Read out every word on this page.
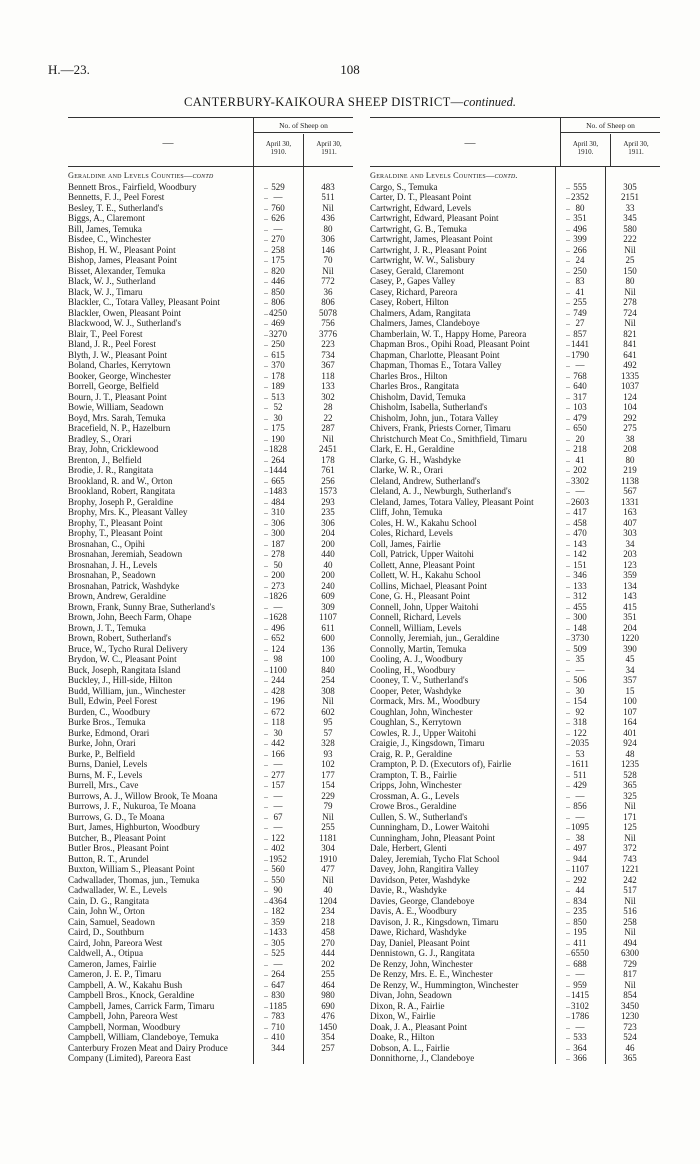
H.—23.	108
CANTERBURY-KAIKOURA SHEEP DISTRICT—continued.
—
No. of Sheep on
April 30,
1910.
April 30,
1911.
Geraldine and Levels Counties—contd
Bennett Bros., Fairfield, Woodbury	.. 529	483
Bennetts, F. J., Peel Forest	.. —	511
Besley, T. E., Sutherland's	.. 760	Nil
Biggs, A., Claremont	.. 626	436
Bill, James, Temuka	.. —	80
Bisdee, C., Winchester	.. 270	306
Bishop, H. W., Pleasant Point	.. 258	146
Bishop, James, Pleasant Point	.. 175	70
Bisset, Alexander, Temuka	.. 820	Nil
Black, W. J., Sutherland	.. 446	772
Black, W. J., Timaru	.. 850	36
Blackler, C., Totara Valley, Pleasant Point	.. 806	806
Blackler, Owen, Pleasant Point	.. 4250	5078
Blackwood, W. J., Sutherland's	.. 469	756
Blair, T., Peel Forest	.. 3270	3776
Bland, J. R., Peel Forest	.. 250	223
Blyth, J. W., Pleasant Point	.. 615	734
Boland, Charles, Kerrytown	.. 370	367
Booker, George, Winchester	.. 178	118
Borrell, George, Belfield	.. 189	133
Bourn, J. T., Pleasant Point	.. 513	302
Bowie, William, Seadown	.. 52	28
Boyd, Mrs. Sarah, Temuka	.. 30	22
Bracefield, N. P., Hazelburn	.. 175	287
Bradley, S., Orari	.. 190	Nil
Bray, John, Cricklewood	.. 1828	2451
Brenton, J., Belfield	.. 264	178
Brodie, J. R., Rangitata	.. 1444	761
Brookland, R. and W., Orton	.. 665	256
Brookland, Robert, Rangitata	.. 1483	1573
Brophy, Joseph P., Geraldine	.. 484	293
Brophy, Mrs. K., Pleasant Valley	.. 310	235
Brophy, T., Pleasant Point	.. 306	306
Brophy, T., Pleasant Point	.. 300	204
Brosnahan, C., Opihi	.. 187	200
Brosnahan, Jeremiah, Seadown	.. 278	440
Brosnahan, J. H., Levels	.. 50	40
Brosnahan, P., Seadown	.. 200	200
Brosnahan, Patrick, Washdyke	.. 273	240
Brown, Andrew, Geraldine	.. 1826	609
Brown, Frank, Sunny Brae, Sutherland's	.. —	309
Brown, John, Beech Farm, Ohape	.. 1628	1107
Brown, J. T., Temuka	.. 496	611
Brown, Robert, Sutherland's	.. 652	600
Bruce, W., Tycho Rural Delivery	.. 124	136
Brydon, W. C., Pleasant Point	.. 98	100
Buck, Joseph, Rangitata Island	.. 1100	840
Buckley, J., Hill-side, Hilton	.. 244	254
Budd, William, jun., Winchester	.. 428	308
Bull, Edwin, Peel Forest	.. 196	Nil
Burden, C., Woodbury	.. 672	602
Burke Bros., Temuka	.. 118	95
Burke, Edmond, Orari	.. 30	57
Burke, John, Orari	.. 442	328
Burke, P., Belfield	.. 166	93
Burns, Daniel, Levels	.. —	102
Burns, M. F., Levels	.. 277	177
Burrell, Mrs., Cave	.. 157	154
Burrows, A. J., Willow Brook, Te Moana	.. —	229
Burrows, J. F., Nukuroa, Te Moana	.. —	79
Burrows, G. D., Te Moana	.. 67	Nil
Burt, James, Highburton, Woodbury	.. —	255
Butcher, B., Pleasant Point	.. 122	1181
Butler Bros., Pleasant Point	.. 402	304
Button, R. T., Arundel	.. 1952	1910
Buxton, William S., Pleasant Point	.. 560	477
Cadwallader, Thomas, jun., Temuka	.. 550	Nil
Cadwallader, W. E., Levels	.. 90	40
Cain, D. G., Rangitata	.. 4364	1204
Cain, John W., Orton	.. 182	234
Cain, Samuel, Seadown	.. 359	218
Caird, D., Southburn	.. 1433	458
Caird, John, Pareora West	.. 305	270
Caldwell, A., Otipua	.. 525	444
Cameron, James, Fairlie	.. —	202
Cameron, J. E. P., Timaru	.. 264	255
Campbell, A. W., Kakahu Bush	.. 647	464
Campbell Bros., Knock, Geraldine	.. 830	980
Campbell, James, Carrick Farm, Timaru	.. 1185	690
Campbell, John, Pareora West	.. 783	476
Campbell, Norman, Woodbury	.. 710	1450
Campbell, William, Clandeboye, Temuka	.. 410	354
Canterbury Frozen Meat and Dairy Produce	344	257
Company (Limited), Pareora East
—
No. of Sheep on
April 30,
1910.
April 30,
1911.
Geraldine and Levels Counties—contd.
Cargo, S., Temuka	.. 555	305
Carter, D. T., Pleasant Point	.. 2352	2151
Cartwright, Edward, Levels	.. 80	33
Cartwright, Edward, Pleasant Point	.. 351	345
Cartwright, G. B., Temuka	.. 496	580
Cartwright, James, Pleasant Point	.. 399	222
Cartwright, J. R., Pleasant Point	.. 266	Nil
Cartwright, W. W., Salisbury	.. 24	25
Casey, Gerald, Claremont	.. 250	150
Casey, P., Gapes Valley	.. 83	80
Casey, Richard, Pareora	.. 41	Nil
Casey, Robert, Hilton	.. 255	278
Chalmers, Adam, Rangitata	.. 749	724
Chalmers, James, Clandeboye	.. 27	Nil
Chamberlain, W. T., Happy Home, Pareora	.. 857	821
Chapman Bros., Opihi Road, Pleasant Point	.. 1441	841
Chapman, Charlotte, Pleasant Point	.. 1790	641
Chapman, Thomas E., Totara Valley	.. —	492
Charles Bros., Hilton	.. 768	1335
Charles Bros., Rangitata	.. 640	1037
Chisholm, David, Temuka	.. 317	124
Chisholm, Isabella, Sutherland's	.. 103	104
Chisholm, John, jun., Totara Valley	.. 479	292
Chivers, Frank, Priests Corner, Timaru	.. 650	275
Christchurch Meat Co., Smithfield, Timaru	.. 20	38
Clark, E. H., Geraldine	.. 218	208
Clarke, G. H., Washdyke	.. 41	80
Clarke, W. R., Orari	.. 202	219
Cleland, Andrew, Sutherland's	.. 3302	1138
Cleland, A. J., Newburgh, Sutherland's	.. —	567
Cleland, James, Totara Valley, Pleasant Point	.. 2603	1331
Cliff, John, Temuka	.. 417	163
Coles, H. W., Kakahu School	.. 458	407
Coles, Richard, Levels	.. 470	303
Coll, James, Fairlie	.. 143	34
Coll, Patrick, Upper Waitohi	.. 142	203
Collett, Anne, Pleasant Point	.. 151	123
Collett, W. H., Kakahu School	.. 346	359
Collins, Michael, Pleasant Point	.. 133	134
Cone, G. H., Pleasant Point	.. 312	143
Connell, John, Upper Waitohi	.. 455	415
Connell, Richard, Levels	.. 300	351
Connell, William, Levels	.. 148	204
Connolly, Jeremiah, jun., Geraldine	.. 3730	1220
Connolly, Martin, Temuka	.. 509	390
Cooling, A. J., Woodbury	.. 35	45
Cooling, H., Woodbury	.. —	34
Cooney, T. V., Sutherland's	.. 506	357
Cooper, Peter, Washdyke	.. 30	15
Cormack, Mrs. M., Woodbury	.. 154	100
Coughlan, John, Winchester	.. 92	107
Coughlan, S., Kerrytown	.. 318	164
Cowles, R. J., Upper Waitohi	.. 122	401
Craigie, J., Kingsdown, Timaru	.. 2035	924
Craig, R. P., Geraldine	.. 53	48
Crampton, P. D. (Executors of), Fairlie	.. 1611	1235
Crampton, T. B., Fairlie	.. 511	528
Cripps, John, Winchester	.. 429	365
Crossman, A. G., Levels	.. —	325
Crowe Bros., Geraldine	.. 856	Nil
Cullen, S. W., Sutherland's	.. —	171
Cunningham, D., Lower Waitohi	.. 1095	125
Cunningham, John, Pleasant Point	.. 38	Nil
Dale, Herbert, Glenti	.. 497	372
Daley, Jeremiah, Tycho Flat School	.. 944	743
Davey, John, Rangitira Valley	.. 1107	1221
Davidson, Peter, Washdyke	.. 292	242
Davie, R., Washdyke	.. 44	517
Davies, George, Clandeboye	.. 834	Nil
Davis, A. E., Woodbury	.. 235	516
Davison, J. R., Kingsdown, Timaru	.. 850	258
Dawe, Richard, Washdyke	.. 195	Nil
Day, Daniel, Pleasant Point	.. 411	494
Dennistown, G. J., Rangitata	.. 6550	6300
De Renzy, John, Winchester	.. 688	729
De Renzy, Mrs. E. E., Winchester	.. —	817
De Renzy, W., Hummington, Winchester	.. 959	Nil
Divan, John, Seadown	.. 1415	854
Dixon, R. A., Fairlie	.. 3102	3450
Dixon, W., Fairlie	.. 1786	1230
Doak, J. A., Pleasant Point	.. —	723
Doake, R., Hilton	.. 533	524
Dobson, A. L., Fairlie	.. 364	46
Donnithorne, J., Clandeboye	.. 366	365
